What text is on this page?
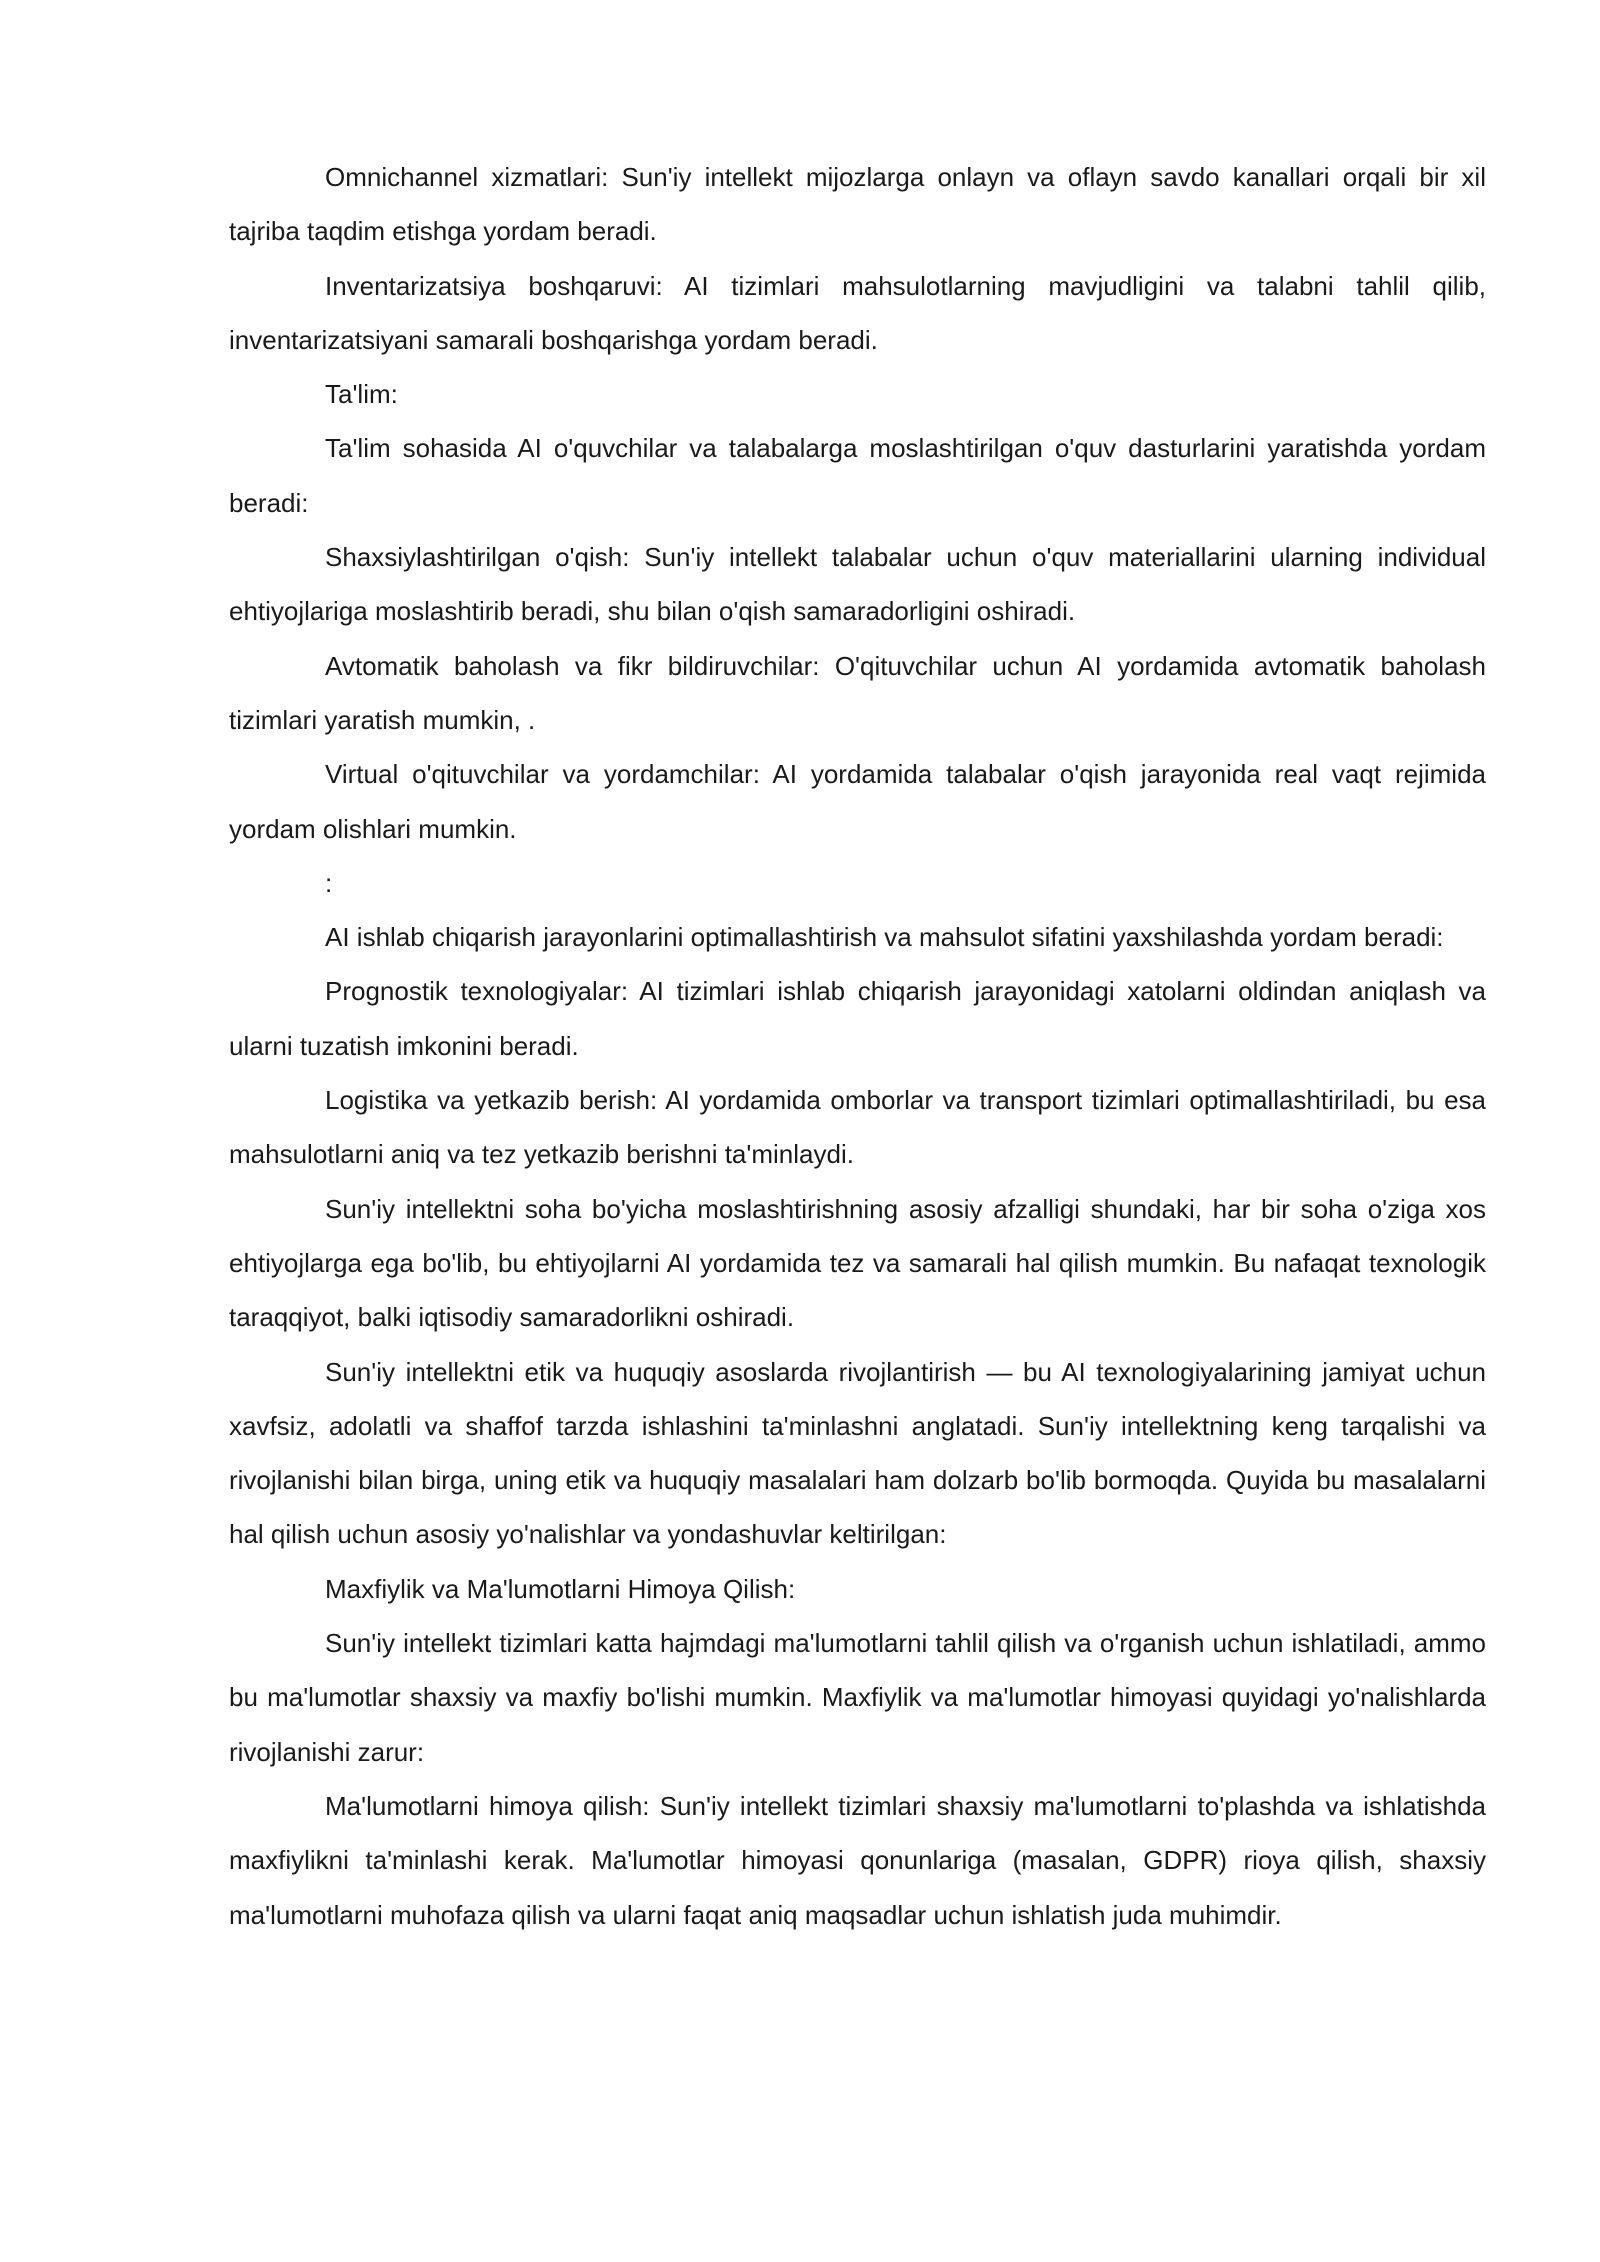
Omnichannel xizmatlari: Sun'iy intellekt mijozlarga onlayn va oflayn savdo kanallari orqali bir xil tajriba taqdim etishga yordam beradi.

Inventarizatsiya boshqaruvi: AI tizimlari mahsulotlarning mavjudligini va talabni tahlil qilib, inventarizatsiyani samarali boshqarishga yordam beradi.

Ta'lim:

Ta'lim sohasida AI o'quvchilar va talabalarga moslashtirilgan o'quv dasturlarini yaratishda yordam beradi:

Shaxsiylashtirilgan o'qish: Sun'iy intellekt talabalar uchun o'quv materiallarini ularning individual ehtiyojlariga moslashtirib beradi, shu bilan o'qish samaradorligini oshiradi.

Avtomatik baholash va fikr bildiruvchilar: O'qituvchilar uchun AI yordamida avtomatik baholash tizimlari yaratish mumkin, .

Virtual o'qituvchilar va yordamchilar: AI yordamida talabalar o'qish jarayonida real vaqt rejimida yordam olishlari mumkin.

:

AI ishlab chiqarish jarayonlarini optimallashtirish va mahsulot sifatini yaxshilashda yordam beradi:

Prognostik texnologiyalar: AI tizimlari ishlab chiqarish jarayonidagi xatolarni oldindan aniqlash va ularni tuzatish imkonini beradi.

Logistika va yetkazib berish: AI yordamida omborlar va transport tizimlari optimallashtiriladi, bu esa mahsulotlarni aniq va tez yetkazib berishni ta'minlaydi.

Sun'iy intellektni soha bo'yicha moslashtirishning asosiy afzalligi shundaki, har bir soha o'ziga xos ehtiyojlarga ega bo'lib, bu ehtiyojlarni AI yordamida tez va samarali hal qilish mumkin. Bu nafaqat texnologik taraqqiyot, balki iqtisodiy samaradorlikni oshiradi.

Sun'iy intellektni etik va huquqiy asoslarda rivojlantirish — bu AI texnologiyalarining jamiyat uchun xavfsiz, adolatli va shaffof tarzda ishlashini ta'minlashni anglatadi. Sun'iy intellektning keng tarqalishi va rivojlanishi bilan birga, uning etik va huquqiy masalalari ham dolzarb bo'lib bormoqda. Quyida bu masalalarni hal qilish uchun asosiy yo'nalishlar va yondashuvlar keltirilgan:

Maxfiylik va Ma'lumotlarni Himoya Qilish:

Sun'iy intellekt tizimlari katta hajmdagi ma'lumotlarni tahlil qilish va o'rganish uchun ishlatiladi, ammo bu ma'lumotlar shaxsiy va maxfiy bo'lishi mumkin. Maxfiylik va ma'lumotlar himoyasi quyidagi yo'nalishlarda rivojlanishi zarur:

Ma'lumotlarni himoya qilish: Sun'iy intellekt tizimlari shaxsiy ma'lumotlarni to'plashda va ishlatishda maxfiylikni ta'minlashi kerak. Ma'lumotlar himoyasi qonunlariga (masalan, GDPR) rioya qilish, shaxsiy ma'lumotlarni muhofaza qilish va ularni faqat aniq maqsadlar uchun ishlatish juda muhimdir.
